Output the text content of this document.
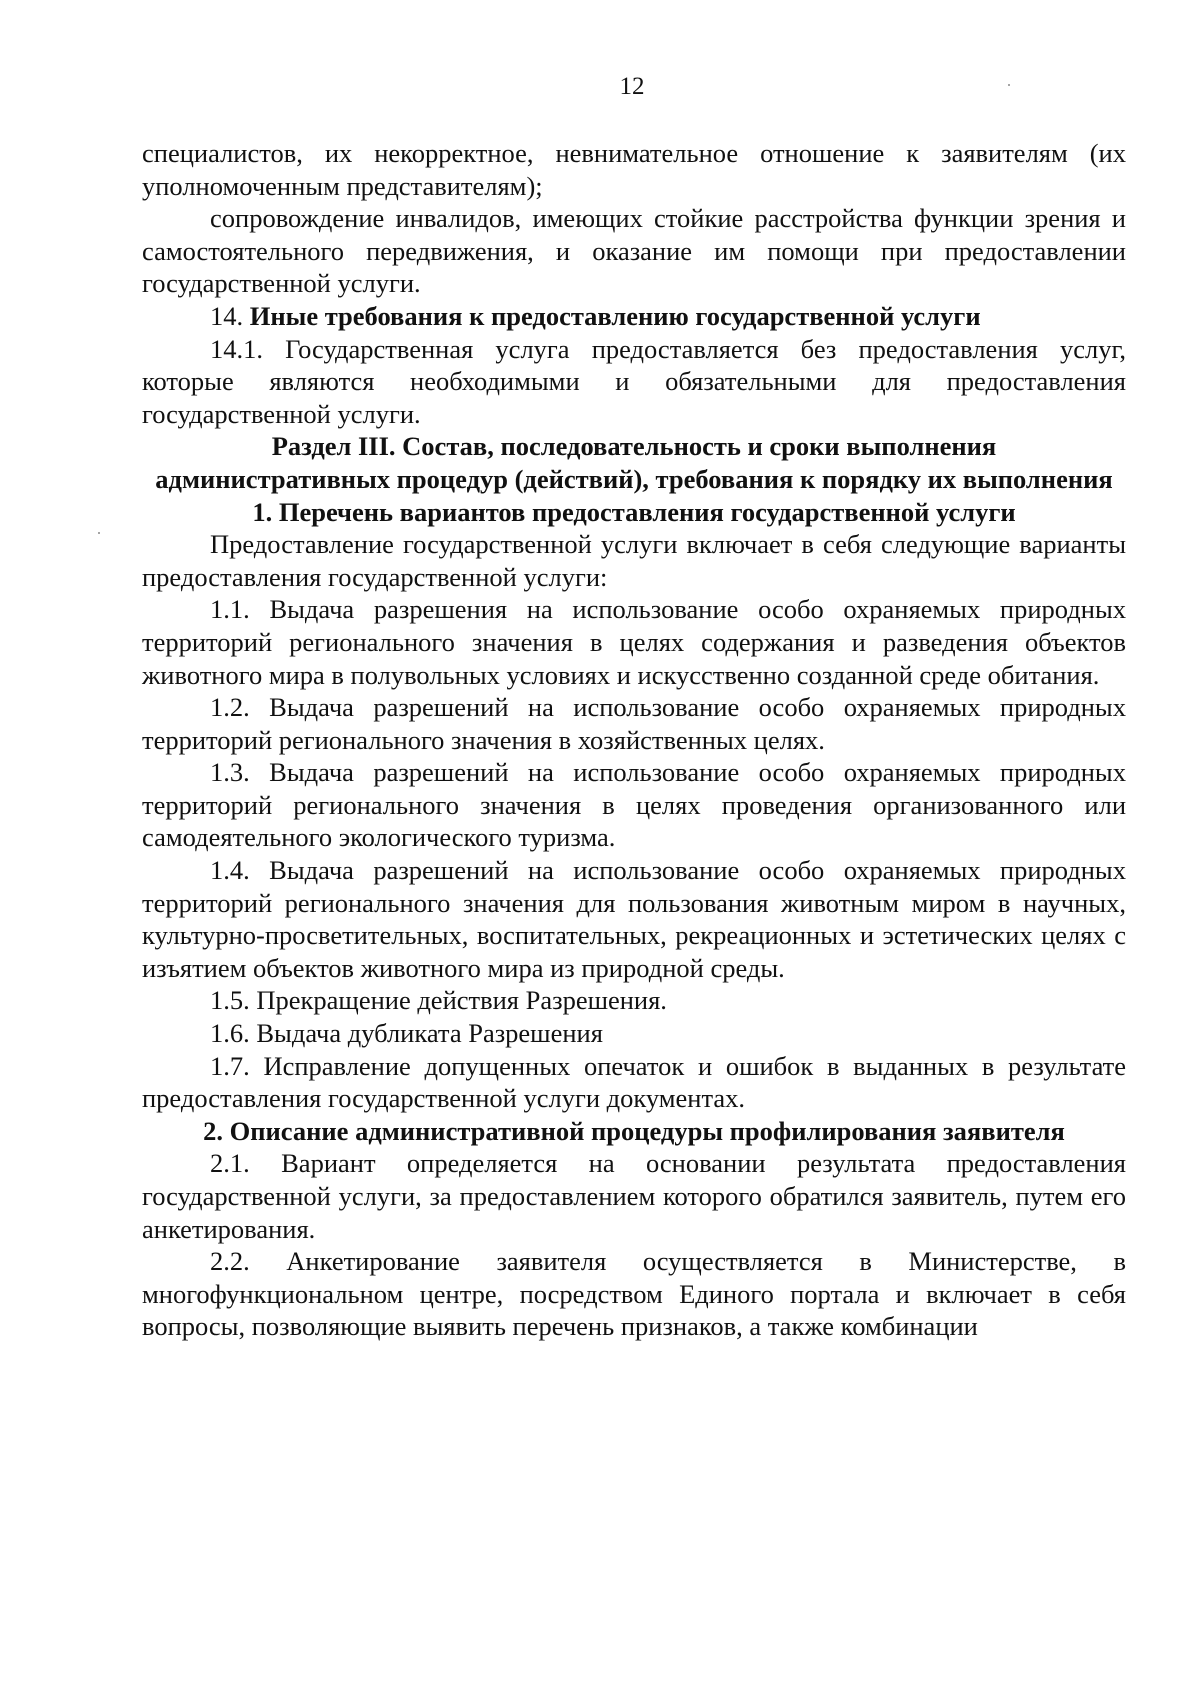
12

специалистов, их некорректное, невнимательное отношение к заявителям (их уполномоченным представителям);

сопровождение инвалидов, имеющих стойкие расстройства функции зрения и самостоятельного передвижения, и оказание им помощи при предоставлении государственной услуги.

14. Иные требования к предоставлению государственной услуги

14.1. Государственная услуга предоставляется без предоставления услуг, которые являются необходимыми и обязательными для предоставления государственной услуги.

Раздел III. Состав, последовательность и сроки выполнения административных процедур (действий), требования к порядку их выполнения

1. Перечень вариантов предоставления государственной услуги

Предоставление государственной услуги включает в себя следующие варианты предоставления государственной услуги:

1.1. Выдача разрешения на использование особо охраняемых природных территорий регионального значения в целях содержания и разведения объектов животного мира в полувольных условиях и искусственно созданной среде обитания.

1.2. Выдача разрешений на использование особо охраняемых природных территорий регионального значения в хозяйственных целях.

1.3. Выдача разрешений на использование особо охраняемых природных территорий регионального значения в целях проведения организованного или самодеятельного экологического туризма.

1.4. Выдача разрешений на использование особо охраняемых природных территорий регионального значения для пользования животным миром в научных, культурно-просветительных, воспитательных, рекреационных и эстетических целях с изъятием объектов животного мира из природной среды.

1.5. Прекращение действия Разрешения.

1.6. Выдача дубликата Разрешения

1.7. Исправление допущенных опечаток и ошибок в выданных в результате предоставления государственной услуги документах.

2. Описание административной процедуры профилирования заявителя

2.1. Вариант определяется на основании результата предоставления государственной услуги, за предоставлением которого обратился заявитель, путем его анкетирования.

2.2. Анкетирование заявителя осуществляется в Министерстве, в многофункциональном центре, посредством Единого портала и включает в себя вопросы, позволяющие выявить перечень признаков, а также комбинации
